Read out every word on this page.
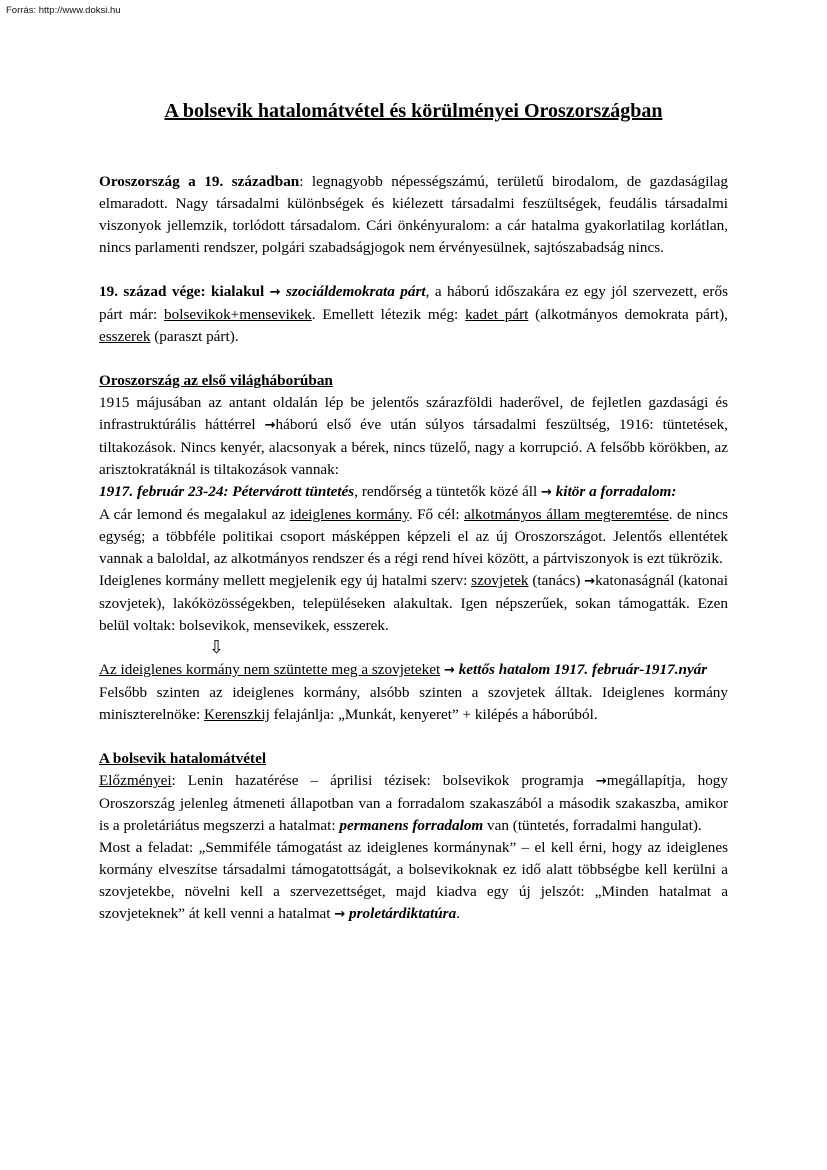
Forrás: http://www.doksi.hu
A bolsevik hatalomátvétel és körülményei Oroszországban

Oroszország a 19. században: legnagyobb népességszámú, területű birodalom, de gazdaságilag elmaradott. Nagy társadalmi különbségek és kiélezett társadalmi feszültségek, feudális társadalmi viszonyok jellemzik, torlódott társadalom. Cári önkényuralom: a cár hatalma gyakorlatilag korlátlan, nincs parlamenti rendszer, polgári szabadságjogok nem érvényesülnek, sajtószabadság nincs.

19. század vége: kialakul → szociáldemokrata párt, a háború időszakára ez egy jól szervezett, erős párt már: bolsevikok+mensevikek. Emellett létezik még: kadet párt (alkotmányos demokrata párt), esszerek (paraszt párt).

Oroszország az első világháborúban

1915 májusában az antant oldalán lép be jelentős szárazföldi haderővel, de fejletlen gazdasági és infrastruktúrális háttérrel →háború első éve után súlyos társadalmi feszültség, 1916: tüntetések, tiltakozások. Nincs kenyér, alacsonyak a bérek, nincs tüzelő, nagy a korrupció. A felsőbb körökben, az arisztokratáknál is tiltakozások vannak:

1917. február 23-24: Pétervárott tüntetés, rendőrség a tüntetők közé áll → kitör a forradalom:

A cár lemond és megalakul az ideiglenes kormány. Fő cél: alkotmányos állam megteremtése. de nincs egység; a többféle politikai csoport másképpen képzeli el az új Oroszországot. Jelentős ellentétek vannak a baloldal, az alkotmányos rendszer és a régi rend hívei között, a pártviszonyok is ezt tükrözik.

Ideiglenes kormány mellett megjelenik egy új hatalmi szerv: szovjetek (tanács) →katonaságnál (katonai szovjetek), lakóközösségekben, településeken alakultak. Igen népszerűek, sokan támogatták. Ezen belül voltak: bolsevikok, mensevikek, esszerek.

⇩

Az ideiglenes kormány nem szüntette meg a szovjeteket → kettős hatalom 1917. február-1917.nyár

Felsőbb szinten az ideiglenes kormány, alsóbb szinten a szovjetek álltak. Ideiglenes kormány miniszterelnöke: Kerenszkij felajánlja: „Munkát, kenyeret” + kilépés a háborúból.

A bolsevik hatalomátvétel

Előzményei: Lenin hazatérése – áprilisi tézisek: bolsevikok programja →megállapítja, hogy Oroszország jelenleg átmeneti állapotban van a forradalom szakaszából a második szakaszba, amikor is a proletáriátus megszerzi a hatalmat: permanens forradalom van (tüntetés, forradalmi hangulat).

Most a feladat: „Semmiféle támogatást az ideiglenes kormánynak” – el kell érni, hogy az ideiglenes kormány elveszítse társadalmi támogatottságát, a bolsevikoknak ez idő alatt többségbe kell kerülni a szovjetekbe, növelni kell a szervezettséget, majd kiadva egy új jelszót: „Minden hatalmat a szovjeteknek” át kell venni a hatalmat → proletárdiktatúra.
